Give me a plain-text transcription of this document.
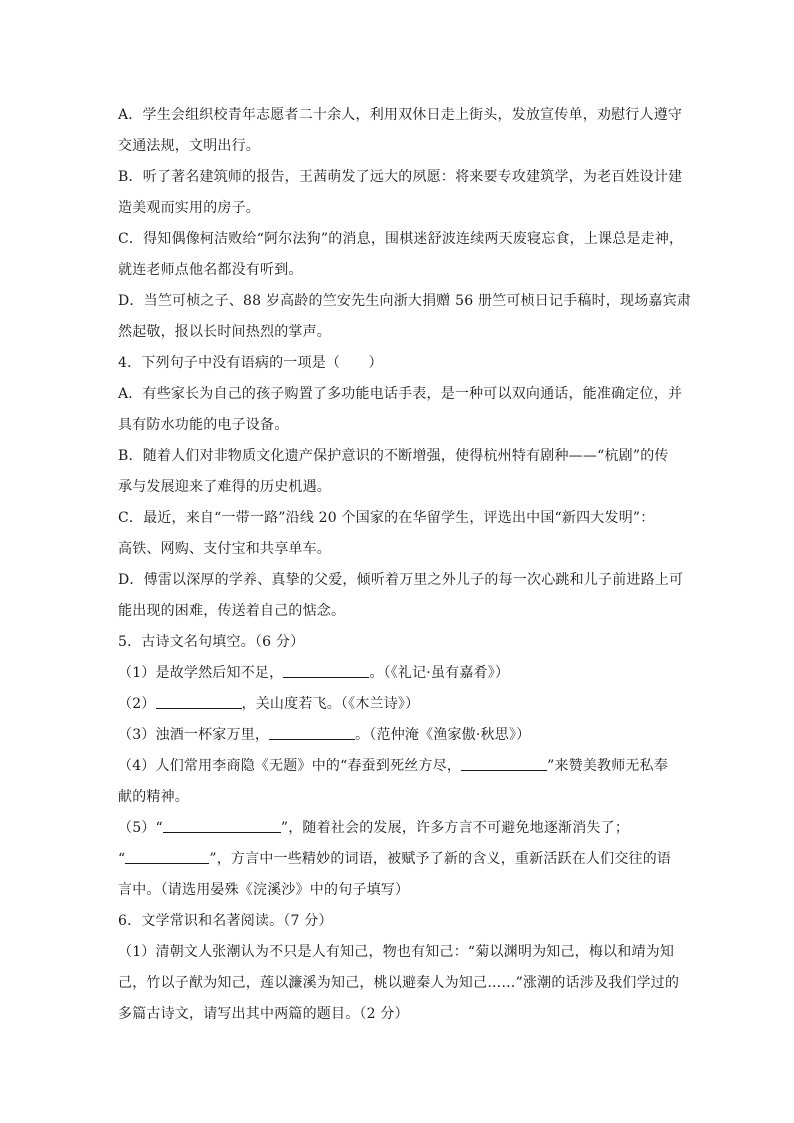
A．学生会组织校青年志愿者二十余人，利用双休日走上街头，发放宣传单，劝慰行人遵守
交通法规，文明出行。
B．听了著名建筑师的报告，王茜萌发了远大的夙愿：将来要专攻建筑学，为老百姓设计建
造美观而实用的房子。
C．得知偶像柯洁败给“阿尔法狗”的消息，围棋迷舒波连续两天废寝忘食，上课总是走神，
就连老师点他名都没有听到。
D．当竺可桢之子、88 岁高龄的竺安先生向浙大捐赠 56 册竺可桢日记手稿时，现场嘉宾肃
然起敬，报以长时间热烈的掌声。
4．下列句子中没有语病的一项是（　　）
A．有些家长为自己的孩子购置了多功能电话手表，是一种可以双向通话，能准确定位，并
具有防水功能的电子设备。
B．随着人们对非物质文化遗产保护意识的不断增强，使得杭州特有剧种——“杭剧”的传
承与发展迎来了难得的历史机遇。
C．最近，来自“一带一路”沿线 20 个国家的在华留学生，评选出中国“新四大发明”：
高铁、网购、支付宝和共享单车。
D．傅雷以深厚的学养、真挚的父爱，倾听着万里之外儿子的每一次心跳和儿子前进路上可
能出现的困难，传送着自己的惦念。
5．古诗文名句填空。（6 分）
（1）是故学然后知不足，	。（《礼记·虽有嘉肴》）
（2）	，关山度若飞。（《木兰诗》）
（3）浊酒一杯家万里，	。（范仲淹《渔家傲·秋思》）
（4）人们常用李商隐《无题》中的“春蚕到死丝方尽，	”来赞美教师无私奉
献的精神。
（5）“	”，随着社会的发展，许多方言不可避免地逐渐消失了；
“	”，方言中一些精妙的词语，被赋予了新的含义，重新活跃在人们交往的语
言中。（请选用晏殊《浣溪沙》中的句子填写）
6．文学常识和名著阅读。（7 分）
（1）清朝文人张潮认为不只是人有知己，物也有知己：“菊以渊明为知己，梅以和靖为知
己，竹以子猷为知己，莲以濂溪为知己，桃以避秦人为知己……”涨潮的话涉及我们学过的
多篇古诗文，请写出其中两篇的题目。（2 分）
